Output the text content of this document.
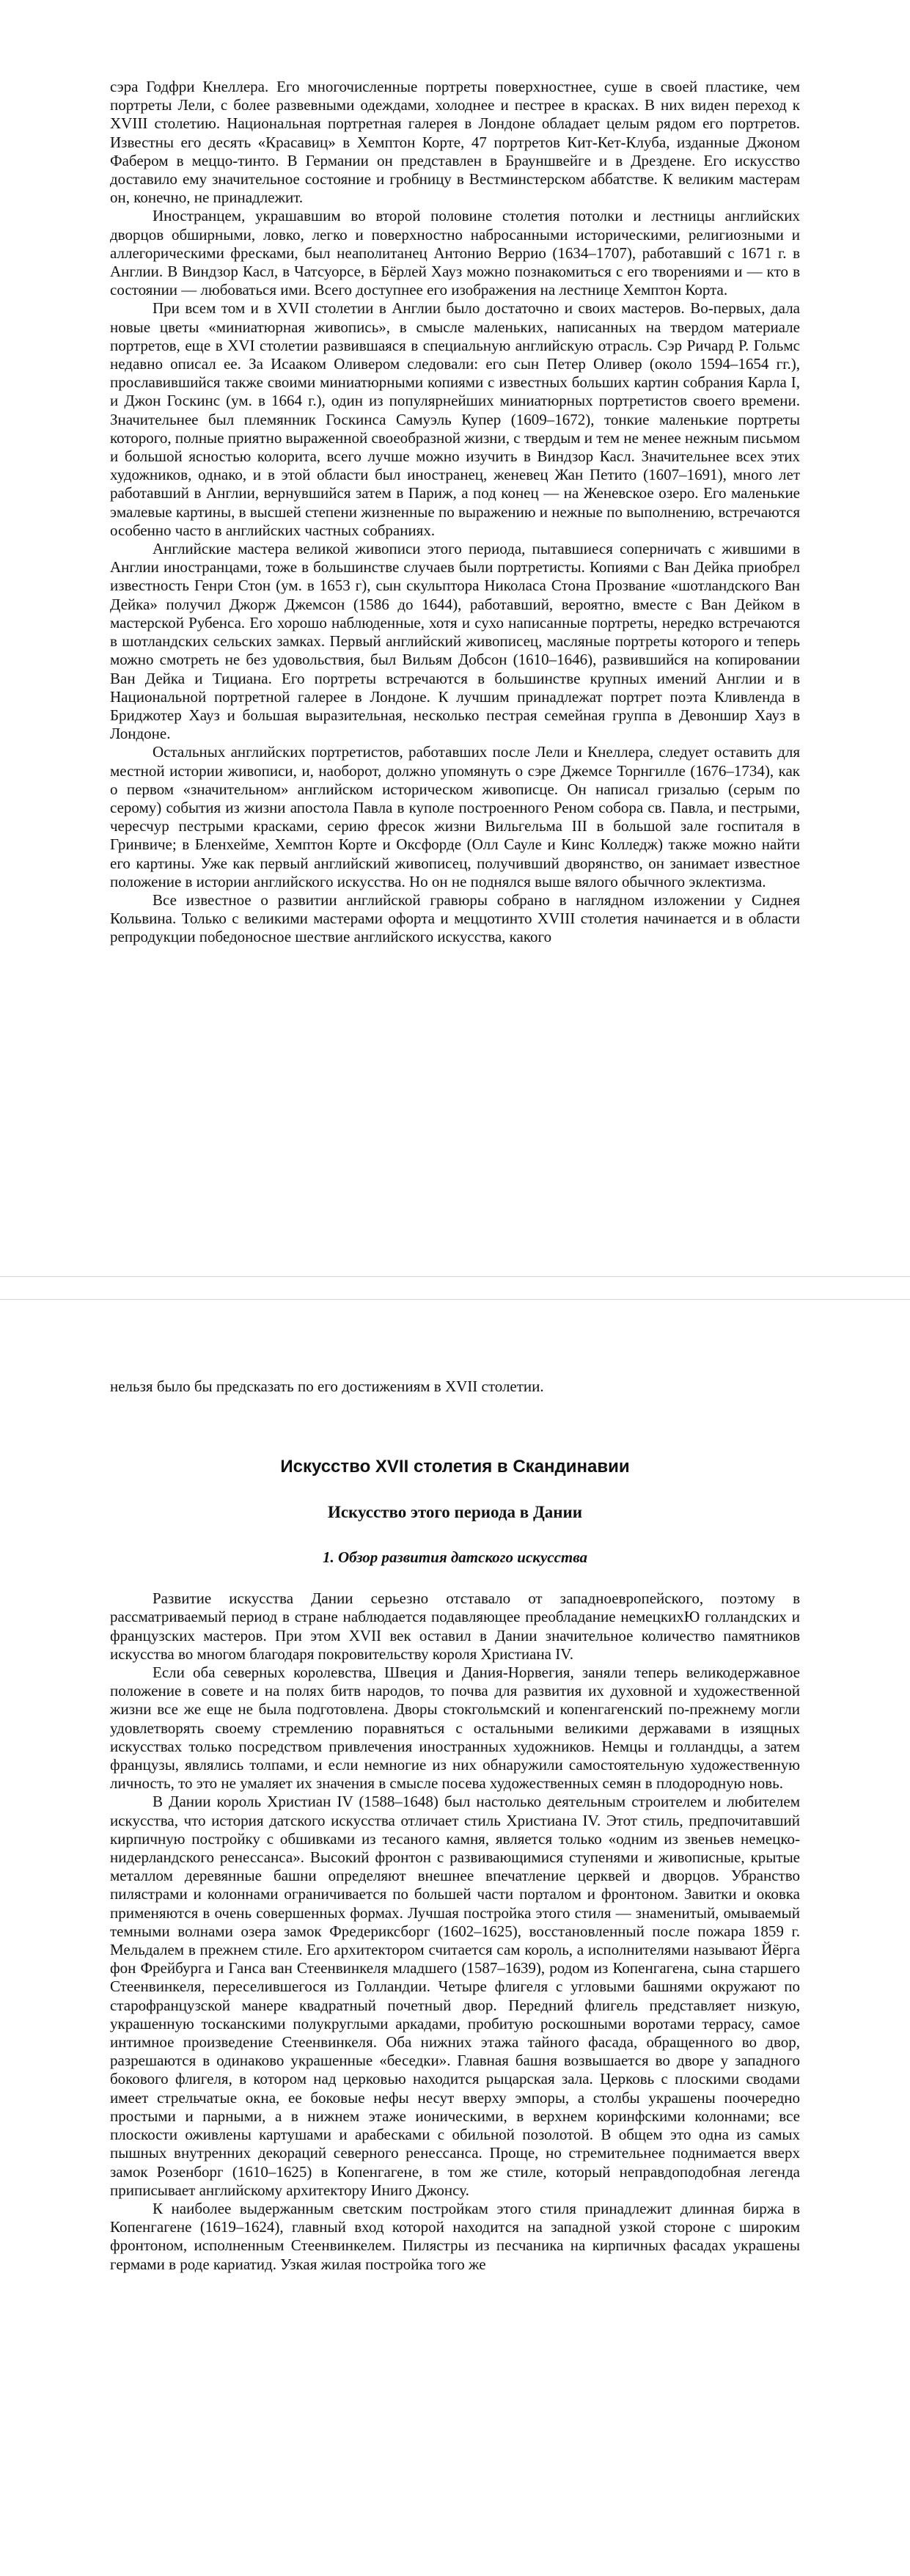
сэра Годфри Кнеллера. Его многочисленные портреты поверхностнее, суше в своей пластике, чем портреты Лели, с более развевными одеждами, холоднее и пестрее в красках. В них виден переход к XVIII столетию. Национальная портретная галерея в Лондоне обладает целым рядом его портретов. Известны его десять «Красавиц» в Хемптон Корте, 47 портретов Кит-Кет-Клуба, изданные Джоном Фабером в меццо-тинто. В Германии он представлен в Брауншвейге и в Дрездене. Его искусство доставило ему значительное состояние и гробницу в Вестминстерском аббатстве. К великим мастерам он, конечно, не принадлежит.

Иностранцем, украшавшим во второй половине столетия потолки и лестницы английских дворцов обширными, ловко, легко и поверхностно набросанными историческими, религиозными и аллегорическими фресками, был неаполитанец Антонио Веррио (1634–1707), работавший с 1671 г. в Англии. В Виндзор Касл, в Чатсуорсе, в Бёрлей Хауз можно познакомиться с его творениями и — кто в состоянии — любоваться ими. Всего доступнее его изображения на лестнице Хемптон Корта.

При всем том и в XVII столетии в Англии было достаточно и своих мастеров. Во-первых, дала новые цветы «миниатюрная живопись», в смысле маленьких, написанных на твердом материале портретов, еще в XVI столетии развившаяся в специальную английскую отрасль. Сэр Ричард Р. Гольмс недавно описал ее. За Исааком Оливером следовали: его сын Петер Оливер (около 1594–1654 гг.), прославившийся также своими миниатюрными копиями с известных больших картин собрания Карла I, и Джон Госкинс (ум. в 1664 г.), один из популярнейших миниатюрных портретистов своего времени. Значительнее был племянник Госкинса Самуэль Купер (1609–1672), тонкие маленькие портреты которого, полные приятно выраженной своеобразной жизни, с твердым и тем не менее нежным письмом и большой ясностью колорита, всего лучше можно изучить в Виндзор Касл. Значительнее всех этих художников, однако, и в этой области был иностранец, женевец Жан Петито (1607–1691), много лет работавший в Англии, вернувшийся затем в Париж, а под конец — на Женевское озеро. Его маленькие эмалевые картины, в высшей степени жизненные по выражению и нежные по выполнению, встречаются особенно часто в английских частных собраниях.

Английские мастера великой живописи этого периода, пытавшиеся соперничать с жившими в Англии иностранцами, тоже в большинстве случаев были портретисты. Копиями с Ван Дейка приобрел известность Генри Стон (ум. в 1653 г), сын скульптора Николаса Стона Прозвание «шотландского Ван Дейка» получил Джорж Джемсон (1586 до 1644), работавший, вероятно, вместе с Ван Дейком в мастерской Рубенса. Его хорошо наблюденные, хотя и сухо написанные портреты, нередко встречаются в шотландских сельских замках. Первый английский живописец, масляные портреты которого и теперь можно смотреть не без удовольствия, был Вильям Добсон (1610–1646), развившийся на копировании Ван Дейка и Тициана. Его портреты встречаются в большинстве крупных имений Англии и в Национальной портретной галерее в Лондоне. К лучшим принадлежат портрет поэта Кливленда в Бриджотер Хауз и большая выразительная, несколько пестрая семейная группа в Девоншир Хауз в Лондоне.

Остальных английских портретистов, работавших после Лели и Кнеллера, следует оставить для местной истории живописи, и, наоборот, должно упомянуть о сэре Джемсе Торнгилле (1676–1734), как о первом «значительном» английском историческом живописце. Он написал гризалью (серым по серому) события из жизни апостола Павла в куполе построенного Реном собора св. Павла, и пестрыми, чересчур пестрыми красками, серию фресок жизни Вильгельма III в большой зале госпиталя в Гринвиче; в Бленхейме, Хемптон Корте и Оксфорде (Олл Сауле и Кинс Колледж) также можно найти его картины. Уже как первый английский живописец, получивший дворянство, он занимает известное положение в истории английского искусства. Но он не поднялся выше вялого обычного эклектизма.

Все известное о развитии английской гравюры собрано в наглядном изложении у Сиднея Кольвина. Только с великими мастерами офорта и меццотинто XVIII столетия начинается и в области репродукции победоносное шествие английского искусства, какого

нельзя было бы предсказать по его достижениям в XVII столетии.

Искусство XVII столетия в Скандинавии
Искусство этого периода в Дании
1. Обзор развития датского искусства

Развитие искусства Дании серьезно отставало от западноевропейского, поэтому в рассматриваемый период в стране наблюдается подавляющее преобладание немецкихЮ голландских и французских мастеров. При этом XVII век оставил в Дании значительное количество памятников искусства во многом благодаря покровительству короля Христиана IV.

Если оба северных королевства, Швеция и Дания-Норвегия, заняли теперь великодержавное положение в совете и на полях битв народов, то почва для развития их духовной и художественной жизни все же еще не была подготовлена. Дворы стокгольмский и копенгагенский по-прежнему могли удовлетворять своему стремлению поравняться с остальными великими державами в изящных искусствах только посредством привлечения иностранных художников. Немцы и голландцы, а затем французы, являлись толпами, и если немногие из них обнаружили самостоятельную художественную личность, то это не умаляет их значения в смысле посева художественных семян в плодородную новь.

В Дании король Христиан IV (1588–1648) был настолько деятельным строителем и любителем искусства, что история датского искусства отличает стиль Христиана IV. Этот стиль, предпочитавший кирпичную постройку с обшивками из тесаного камня, является только «одним из звеньев немецко-нидерландского ренессанса». Высокий фронтон с развивающимися ступенями и живописные, крытые металлом деревянные башни определяют внешнее впечатление церквей и дворцов. Убранство пилястрами и колоннами ограничивается по большей части порталом и фронтоном. Завитки и оковка применяются в очень совершенных формах. Лучшая постройка этого стиля — знаменитый, омываемый темными волнами озера замок Фредериксборг (1602–1625), восстановленный после пожара 1859 г. Мельдалем в прежнем стиле. Его архитектором считается сам король, а исполнителями называют Йёрга фон Фрейбурга и Ганса ван Стеенвинкеля младшего (1587–1639), родом из Копенгагена, сына старшего Стеенвинкеля, переселившегося из Голландии. Четыре флигеля с угловыми башнями окружают по старофранцузской манере квадратный почетный двор. Передний флигель представляет низкую, украшенную тосканскими полукруглыми аркадами, пробитую роскошными воротами террасу, самое интимное произведение Стеенвинкеля. Оба нижних этажа тайного фасада, обращенного во двор, разрешаются в одинаково украшенные «беседки». Главная башня возвышается во дворе у западного бокового флигеля, в котором над церковью находится рыцарская зала. Церковь с плоскими сводами имеет стрельчатые окна, ее боковые нефы несут вверху эмпоры, а столбы украшены поочередно простыми и парными, а в нижнем этаже ионическими, в верхнем коринфскими колоннами; все плоскости оживлены картушами и арабесками с обильной позолотой. В общем это одна из самых пышных внутренних декораций северного ренессанса. Проще, но стремительнее поднимается вверх замок Розенборг (1610–1625) в Копенгагене, в том же стиле, который неправдоподобная легенда приписывает английскому архитектору Иниго Джонсу.

К наиболее выдержанным светским постройкам этого стиля принадлежит длинная биржа в Копенгагене (1619–1624), главный вход которой находится на западной узкой стороне с широким фронтоном, исполненным Стеенвинкелем. Пилястры из песчаника на кирпичных фасадах украшены гермами в роде кариатид. Узкая жилая постройка того же
